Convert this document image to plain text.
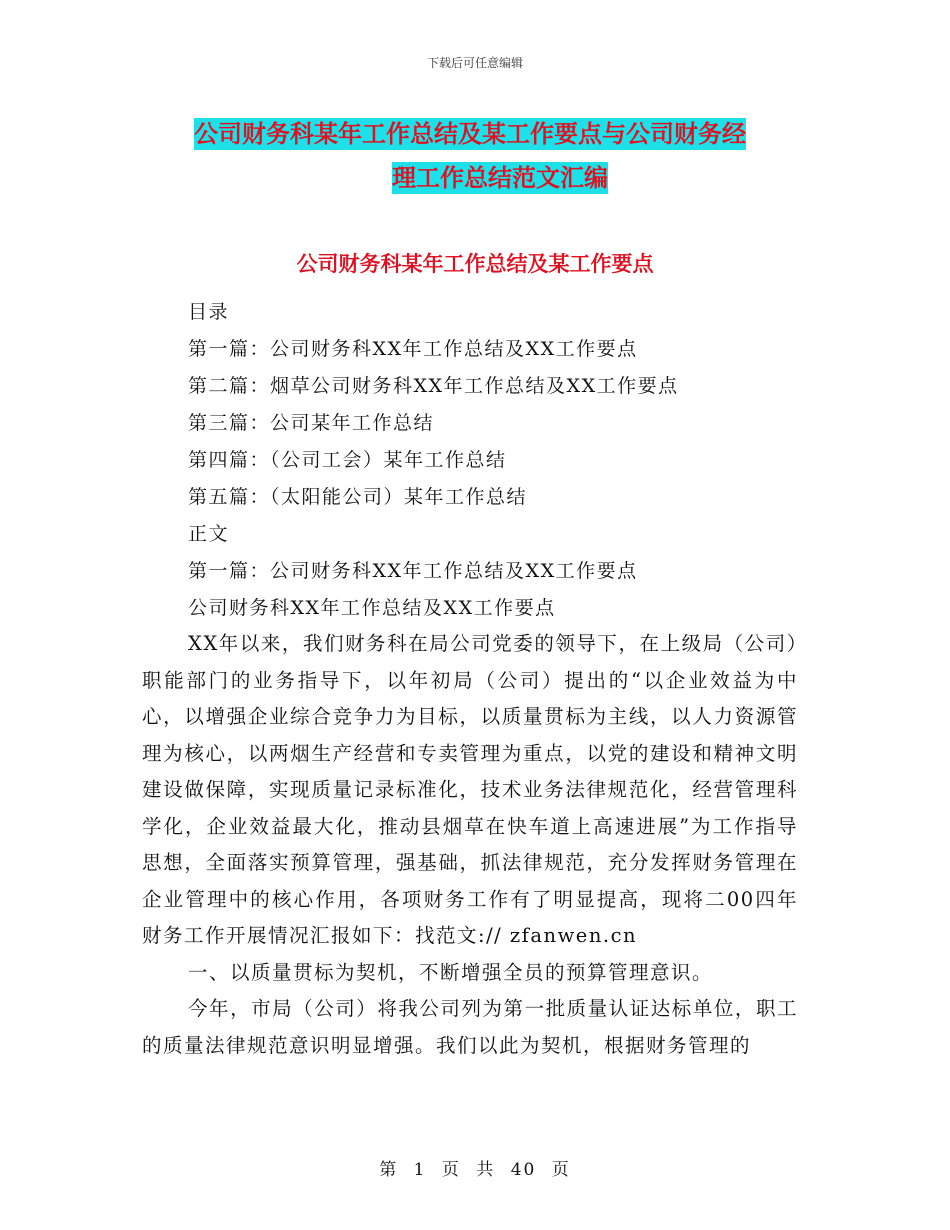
下载后可任意编辑
公司财务科某年工作总结及某工作要点与公司财务经
理工作总结范文汇编
公司财务科某年工作总结及某工作要点
目录
第一篇：公司财务科XX年工作总结及XX工作要点
第二篇：烟草公司财务科XX年工作总结及XX工作要点
第三篇：公司某年工作总结
第四篇：（公司工会）某年工作总结
第五篇：（太阳能公司）某年工作总结
正文
第一篇：公司财务科XX年工作总结及XX工作要点
公司财务科XX年工作总结及XX工作要点

XX年以来，我们财务科在局公司党委的领导下，在上级局（公司）职能部门的业务指导下，以年初局（公司）提出的“以企业效益为中心，以增强企业综合竞争力为目标，以质量贯标为主线，以人力资源管理为核心，以两烟生产经营和专卖管理为重点，以党的建设和精神文明建设做保障，实现质量记录标准化，技术业务法律规范化，经营管理科学化，企业效益最大化，推动县烟草在快车道上高速进展”为工作指导思想，全面落实预算管理，强基础，抓法律规范，充分发挥财务管理在企业管理中的核心作用，各项财务工作有了明显提高，现将二00四年财务工作开展情况汇报如下：找范文:// zfanwen.cn

一、以质量贯标为契机，不断增强全员的预算管理意识。

今年，市局（公司）将我公司列为第一批质量认证达标单位，职工的质量法律规范意识明显增强。我们以此为契机，根据财务管理的

第 1 页 共 40 页
